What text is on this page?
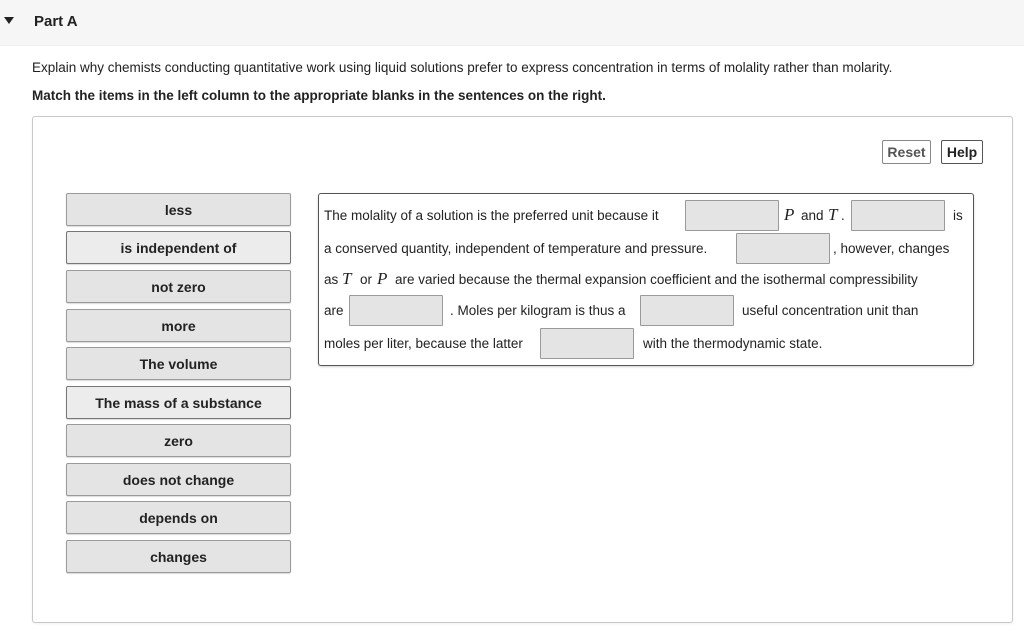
Part A
Explain why chemists conducting quantitative work using liquid solutions prefer to express concentration in terms of molality rather than molarity.
Match the items in the left column to the appropriate blanks in the sentences on the right.
Reset	Help
less
is independent of
not zero
more
The volume
The mass of a substance
zero
does not change
depends on
changes
The molality of a solution is the preferred unit because it	P and T .	is
a conserved quantity, independent of temperature and pressure.	, however, changes
as T or P are varied because the thermal expansion coefficient and the isothermal compressibility
are	. Moles per kilogram is thus a	useful concentration unit than
moles per liter, because the latter	with the thermodynamic state.
